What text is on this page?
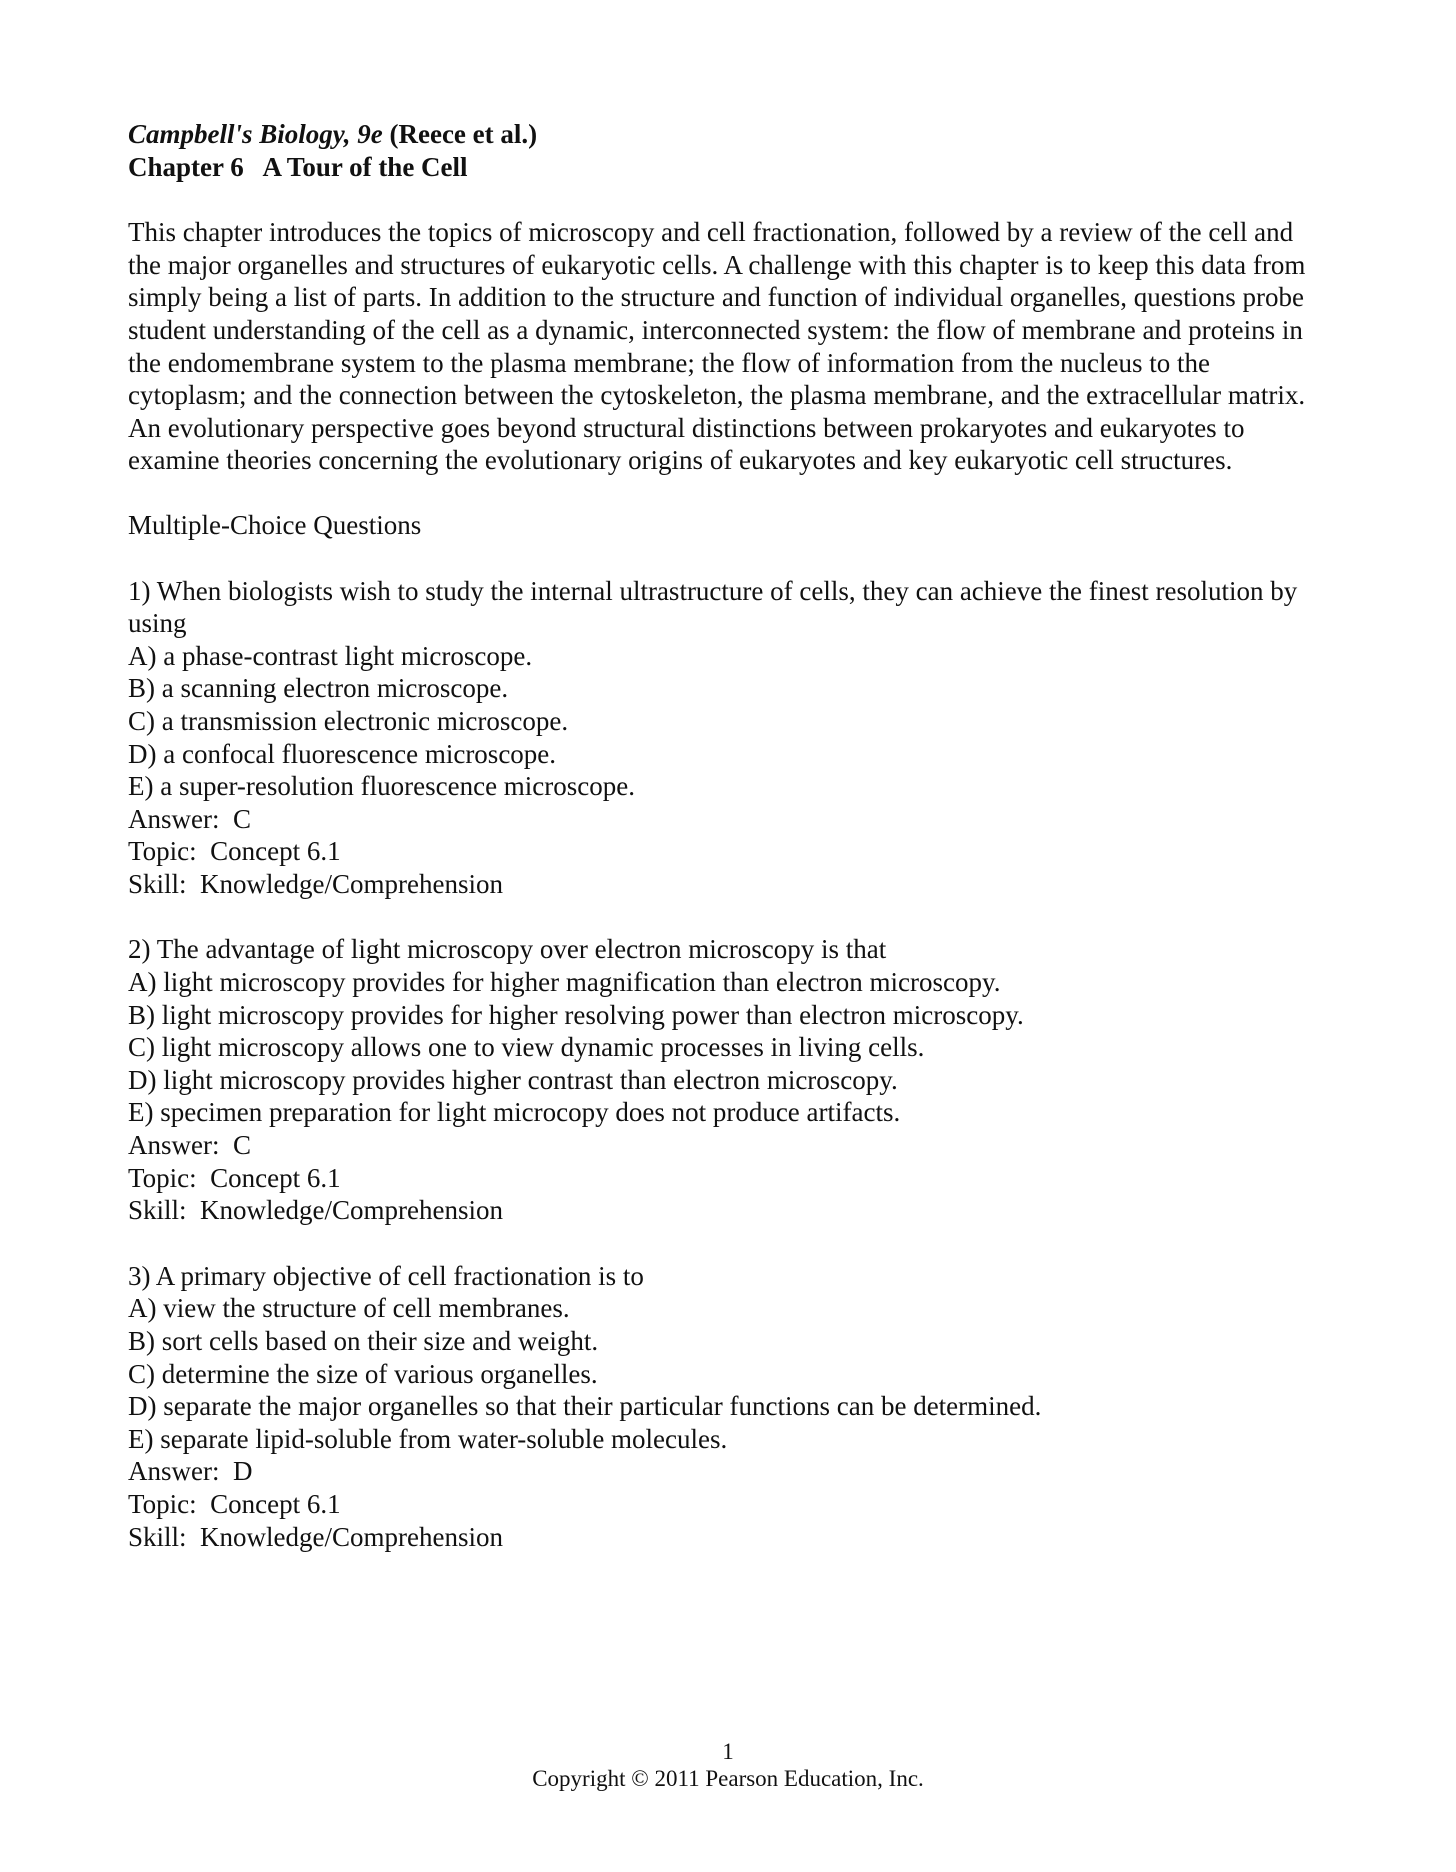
Campbell's Biology, 9e (Reece et al.)

Chapter 6   A Tour of the Cell

This chapter introduces the topics of microscopy and cell fractionation, followed by a review of the cell and the major organelles and structures of eukaryotic cells. A challenge with this chapter is to keep this data from simply being a list of parts. In addition to the structure and function of individual organelles, questions probe student understanding of the cell as a dynamic, interconnected system: the flow of membrane and proteins in the endomembrane system to the plasma membrane; the flow of information from the nucleus to the cytoplasm; and the connection between the cytoskeleton, the plasma membrane, and the extracellular matrix. An evolutionary perspective goes beyond structural distinctions between prokaryotes and eukaryotes to examine theories concerning the evolutionary origins of eukaryotes and key eukaryotic cell structures.

Multiple-Choice Questions

1) When biologists wish to study the internal ultrastructure of cells, they can achieve the finest resolution by using

A) a phase-contrast light microscope.

B) a scanning electron microscope.

C) a transmission electronic microscope.

D) a confocal fluorescence microscope.

E) a super-resolution fluorescence microscope.

Answer:  C

Topic:  Concept 6.1

Skill:  Knowledge/Comprehension

2) The advantage of light microscopy over electron microscopy is that

A) light microscopy provides for higher magnification than electron microscopy.

B) light microscopy provides for higher resolving power than electron microscopy.

C) light microscopy allows one to view dynamic processes in living cells.

D) light microscopy provides higher contrast than electron microscopy.

E) specimen preparation for light microcopy does not produce artifacts.

Answer:  C

Topic:  Concept 6.1

Skill:  Knowledge/Comprehension

3) A primary objective of cell fractionation is to

A) view the structure of cell membranes.

B) sort cells based on their size and weight.

C) determine the size of various organelles.

D) separate the major organelles so that their particular functions can be determined.

E) separate lipid-soluble from water-soluble molecules.

Answer:  D

Topic:  Concept 6.1

Skill:  Knowledge/Comprehension

1
Copyright © 2011 Pearson Education, Inc.
